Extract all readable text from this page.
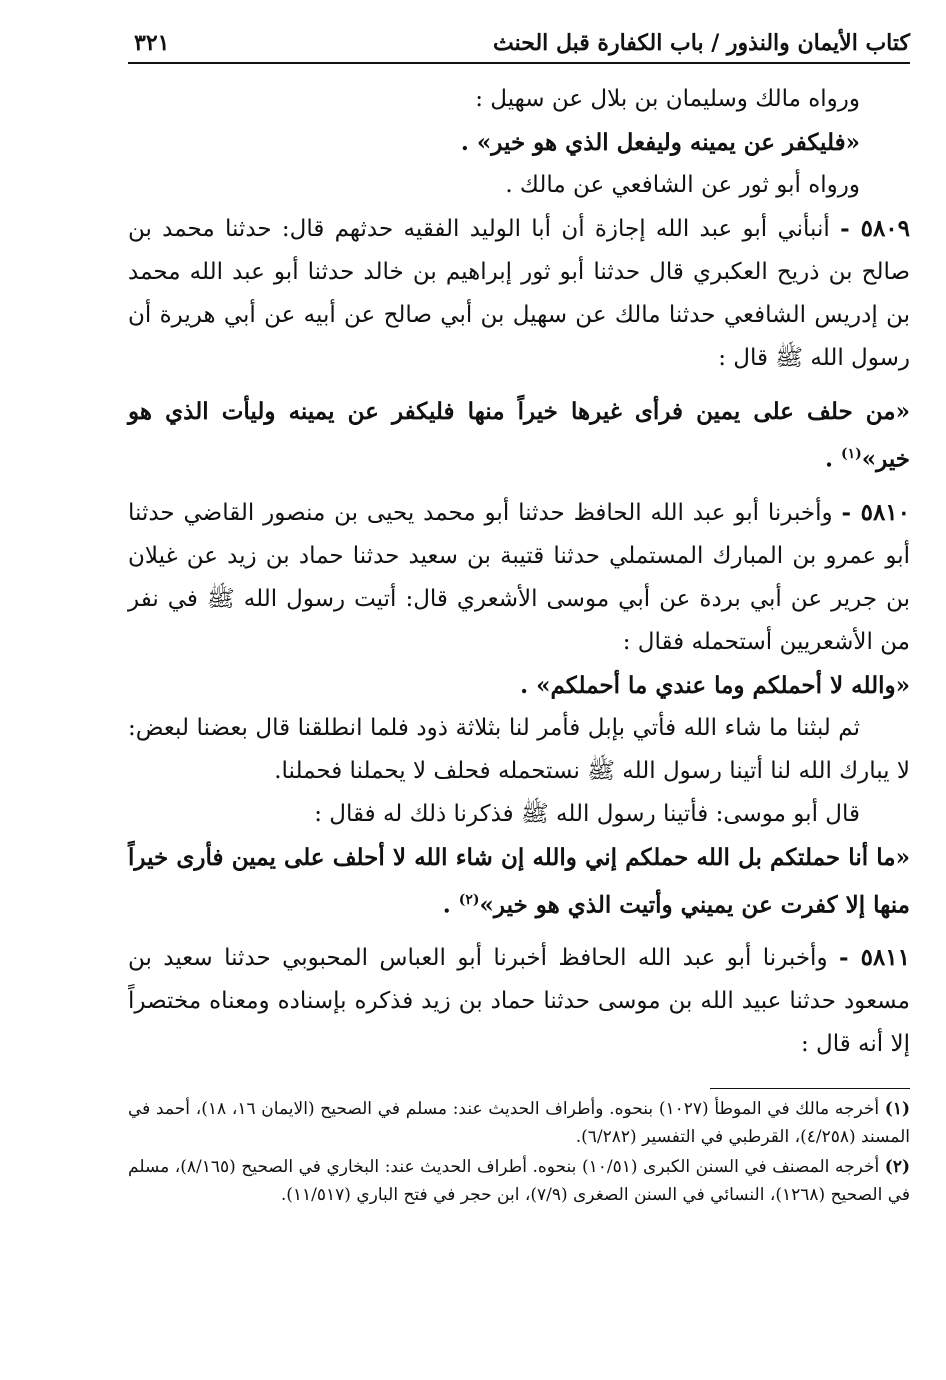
كتاب الأيمان والنذور / باب الكفارة قبل الحنث
٣٢١

ورواه مالك وسليمان بن بلال عن سهيل :

«فليكفر عن يمينه وليفعل الذي هو خير» .

ورواه أبو ثور عن الشافعي عن مالك .

٥٨٠٩ - أنبأني أبو عبد الله إجازة أن أبا الوليد الفقيه حدثهم قال: حدثنا محمد بن صالح بن ذريح العكبري قال حدثنا أبو ثور إبراهيم بن خالد حدثنا أبو عبد الله محمد بن إدريس الشافعي حدثنا مالك عن سهيل بن أبي صالح عن أبيه عن أبي هريرة أن رسول الله ﷺ قال :

«من حلف على يمين فرأى غيرها خيراً منها فليكفر عن يمينه وليأت الذي هو خير»$^{(١)}$ .

٥٨١٠ - وأخبرنا أبو عبد الله الحافظ حدثنا أبو محمد يحيى بن منصور القاضي حدثنا أبو عمرو بن المبارك المستملي حدثنا قتيبة بن سعيد حدثنا حماد بن زيد عن غيلان بن جرير عن أبي بردة عن أبي موسى الأشعري قال: أتيت رسول الله ﷺ في نفر من الأشعريين أستحمله فقال :

«والله لا أحملكم وما عندي ما أحملكم» .

ثم لبثنا ما شاء الله فأتي بإبل فأمر لنا بثلاثة ذود فلما انطلقنا قال بعضنا لبعض: لا يبارك الله لنا أتينا رسول الله ﷺ نستحمله فحلف لا يحملنا فحملنا.

قال أبو موسى: فأتينا رسول الله ﷺ فذكرنا ذلك له فقال :

«ما أنا حملتكم بل الله حملكم إني والله إن شاء الله لا أحلف على يمين فأرى خيراً منها إلا كفرت عن يميني وأتيت الذي هو خير»$^{(٢)}$ .

٥٨١١ - وأخبرنا أبو عبد الله الحافظ أخبرنا أبو العباس المحبوبي حدثنا سعيد بن مسعود حدثنا عبيد الله بن موسى حدثنا حماد بن زيد فذكره بإسناده ومعناه مختصراً إلا أنه قال :

(١) أخرجه مالك في الموطأ (١٠٢٧) بنحوه. وأطراف الحديث عند: مسلم في الصحيح (الايمان ١٦، ١٨)، أحمد في المسند (٤/٢٥٨)، القرطبي في التفسير (٦/٢٨٢).

(٢) أخرجه المصنف في السنن الكبرى (١٠/٥١) بنحوه. أطراف الحديث عند: البخاري في الصحيح (٨/١٦٥)، مسلم في الصحيح (١٢٦٨)، النسائي في السنن الصغرى (٧/٩)، ابن حجر في فتح الباري (١١/٥١٧).
